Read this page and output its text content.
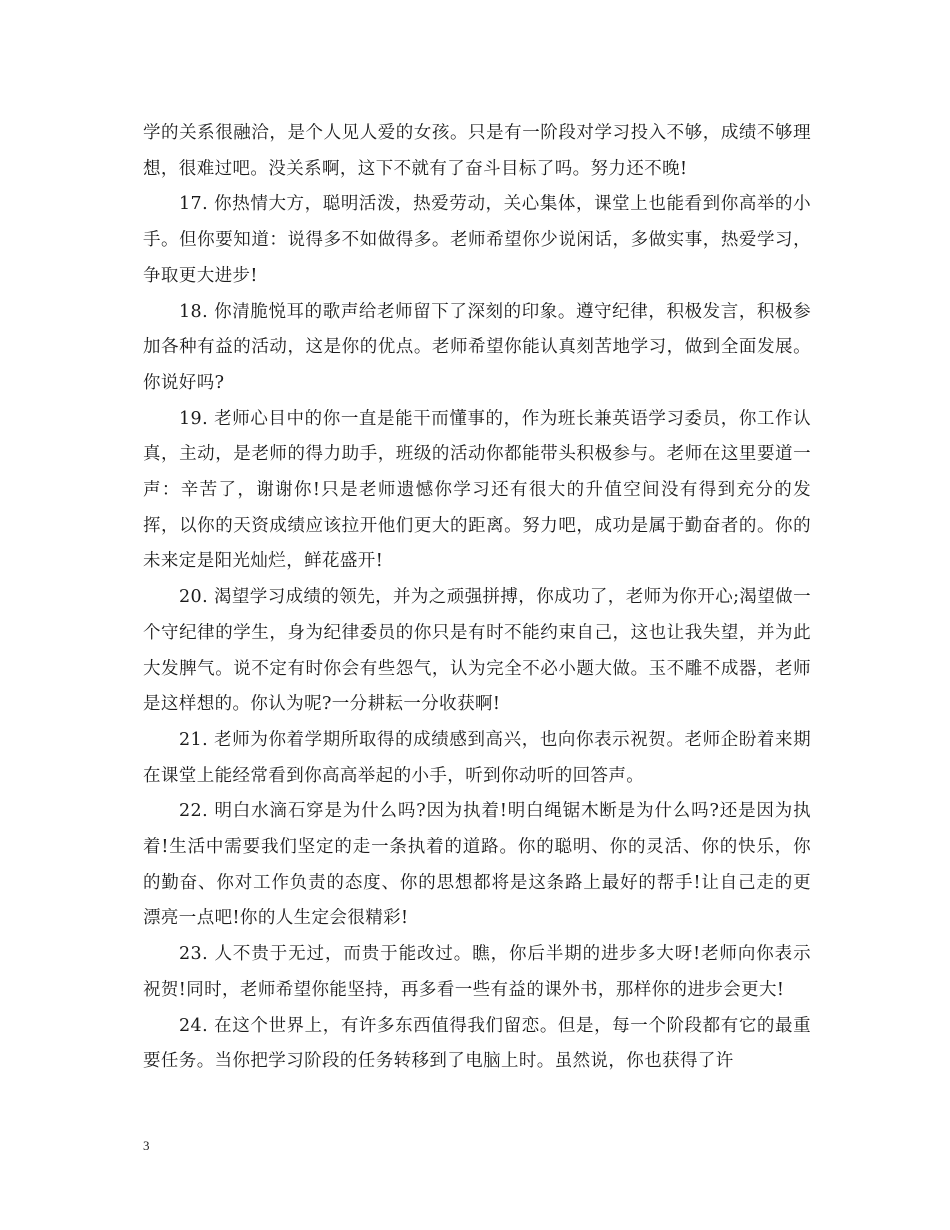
学的关系很融洽，是个人见人爱的女孩。只是有一阶段对学习投入不够，成绩不够理想，很难过吧。没关系啊，这下不就有了奋斗目标了吗。努力还不晚!

17. 你热情大方，聪明活泼，热爱劳动，关心集体，课堂上也能看到你高举的小手。但你要知道：说得多不如做得多。老师希望你少说闲话，多做实事，热爱学习，争取更大进步!

18. 你清脆悦耳的歌声给老师留下了深刻的印象。遵守纪律，积极发言，积极参加各种有益的活动，这是你的优点。老师希望你能认真刻苦地学习，做到全面发展。你说好吗?

19. 老师心目中的你一直是能干而懂事的，作为班长兼英语学习委员，你工作认真，主动，是老师的得力助手，班级的活动你都能带头积极参与。老师在这里要道一声：辛苦了，谢谢你!只是老师遗憾你学习还有很大的升值空间没有得到充分的发挥，以你的天资成绩应该拉开他们更大的距离。努力吧，成功是属于勤奋者的。你的未来定是阳光灿烂，鲜花盛开!

20. 渴望学习成绩的领先，并为之顽强拼搏，你成功了，老师为你开心;渴望做一个守纪律的学生，身为纪律委员的你只是有时不能约束自己，这也让我失望，并为此大发脾气。说不定有时你会有些怨气，认为完全不必小题大做。玉不雕不成器，老师是这样想的。你认为呢?一分耕耘一分收获啊!

21. 老师为你着学期所取得的成绩感到高兴，也向你表示祝贺。老师企盼着来期在课堂上能经常看到你高高举起的小手，听到你动听的回答声。

22. 明白水滴石穿是为什么吗?因为执着!明白绳锯木断是为什么吗?还是因为执着!生活中需要我们坚定的走一条执着的道路。你的聪明、你的灵活、你的快乐，你的勤奋、你对工作负责的态度、你的思想都将是这条路上最好的帮手!让自己走的更漂亮一点吧!你的人生定会很精彩!

23. 人不贵于无过，而贵于能改过。瞧，你后半期的进步多大呀!老师向你表示祝贺!同时，老师希望你能坚持，再多看一些有益的课外书，那样你的进步会更大!

24. 在这个世界上，有许多东西值得我们留恋。但是，每一个阶段都有它的最重要任务。当你把学习阶段的任务转移到了电脑上时。虽然说，你也获得了许

3
